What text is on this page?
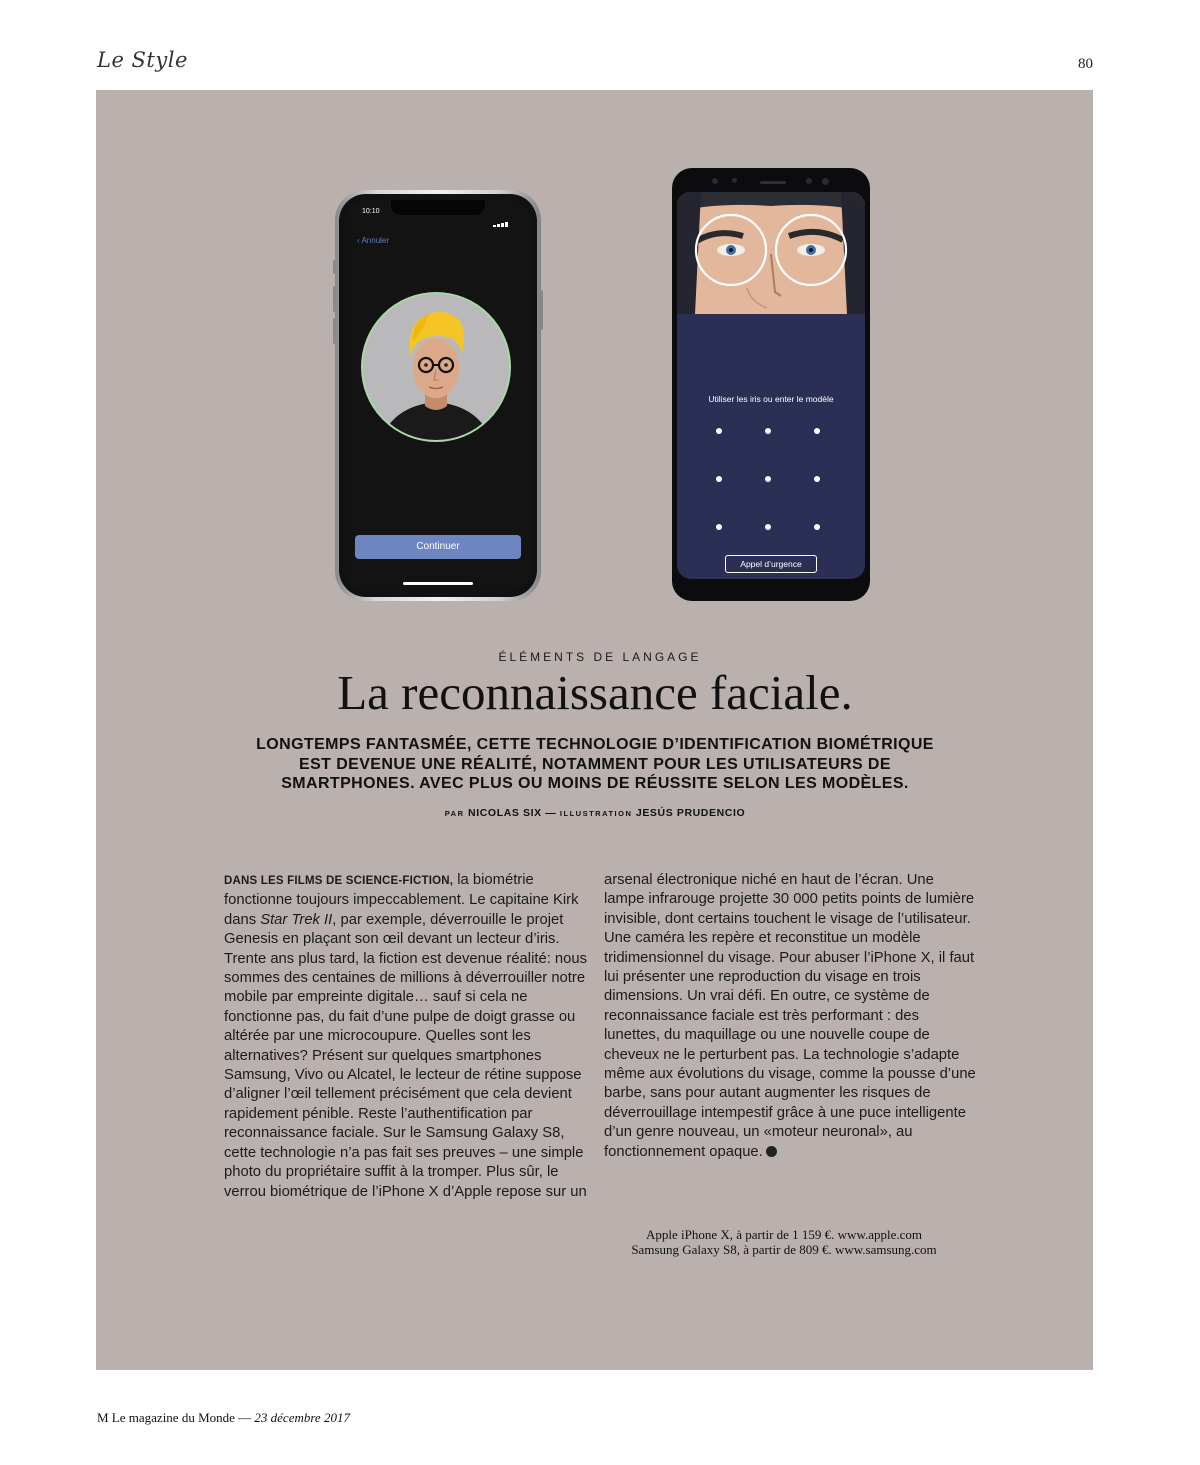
Le Style	80
10:10
‹ Annuler
Continuer
Utiliser les iris ou enter le modèle
Appel d’urgence
ÉLÉMENTS DE LANGAGE
La reconnaissance faciale.
LONGTEMPS FANTASMÉE, CETTE TECHNOLOGIE D’IDENTIFICATION BIOMÉTRIQUE
EST DEVENUE UNE RÉALITÉ, NOTAMMENT POUR LES UTILISATEURS DE
SMARTPHONES. AVEC PLUS OU MOINS DE RÉUSSITE SELON LES MODÈLES.
PAR NICOLAS SIX — ILLUSTRATION JESÚS PRUDENCIO
DANS LES FILMS DE SCIENCE-FICTION, la biométrie fonctionne toujours impeccablement. Le capitaine Kirk dans Star Trek II, par exemple, déverrouille le projet Genesis en plaçant son œil devant un lecteur d’iris. Trente ans plus tard, la fiction est devenue réalité: nous sommes des centaines de millions à déverrouiller notre mobile par empreinte digitale… sauf si cela ne fonctionne pas, du fait d’une pulpe de doigt grasse ou altérée par une microcoupure. Quelles sont les alternatives? Présent sur quelques smartphones Samsung, Vivo ou Alcatel, le lecteur de rétine suppose d’aligner l’œil tellement précisément que cela devient rapidement pénible. Reste l’authentification par reconnaissance faciale. Sur le Samsung Galaxy S8, cette technologie n’a pas fait ses preuves – une simple photo du propriétaire suffit à la tromper. Plus sûr, le verrou biométrique de l’iPhone X d’Apple repose sur un
arsenal électronique niché en haut de l’écran. Une lampe infrarouge projette 30 000 petits points de lumière invisible, dont certains touchent le visage de l’utilisateur. Une caméra les repère et reconstitue un modèle tridimensionnel du visage. Pour abuser l’iPhone X, il faut lui présenter une reproduction du visage en trois dimensions. Un vrai défi. En outre, ce système de reconnaissance faciale est très performant : des lunettes, du maquillage ou une nouvelle coupe de cheveux ne le perturbent pas. La technologie s’adapte même aux évolutions du visage, comme la pousse d’une barbe, sans pour autant augmenter les risques de déverrouillage intempestif grâce à une puce intelligente d’un genre nouveau, un «moteur neuronal», au fonctionnement opaque.
Apple iPhone X, à partir de 1 159 €. www.apple.com
Samsung Galaxy S8, à partir de 809 €. www.samsung.com
M Le magazine du Monde — 23 décembre 2017
